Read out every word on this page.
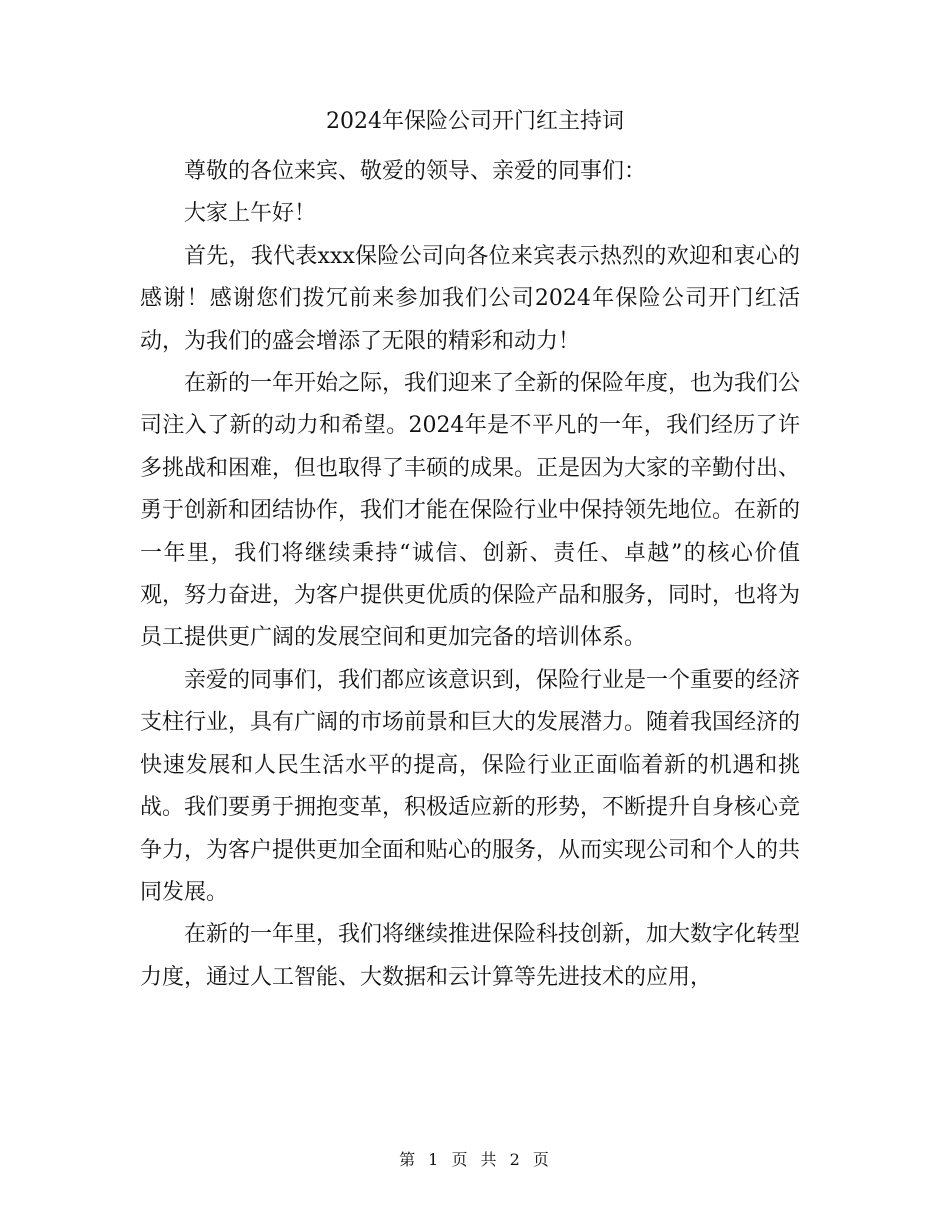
2024年保险公司开门红主持词

尊敬的各位来宾、敬爱的领导、亲爱的同事们：

大家上午好！

首先，我代表xxx保险公司向各位来宾表示热烈的欢迎和衷心的感谢！感谢您们拨冗前来参加我们公司2024年保险公司开门红活动，为我们的盛会增添了无限的精彩和动力！

在新的一年开始之际，我们迎来了全新的保险年度，也为我们公司注入了新的动力和希望。2024年是不平凡的一年，我们经历了许多挑战和困难，但也取得了丰硕的成果。正是因为大家的辛勤付出、勇于创新和团结协作，我们才能在保险行业中保持领先地位。在新的一年里，我们将继续秉持“诚信、创新、责任、卓越”的核心价值观，努力奋进，为客户提供更优质的保险产品和服务，同时，也将为员工提供更广阔的发展空间和更加完备的培训体系。

亲爱的同事们，我们都应该意识到，保险行业是一个重要的经济支柱行业，具有广阔的市场前景和巨大的发展潜力。随着我国经济的快速发展和人民生活水平的提高，保险行业正面临着新的机遇和挑战。我们要勇于拥抱变革，积极适应新的形势，不断提升自身核心竞争力，为客户提供更加全面和贴心的服务，从而实现公司和个人的共同发展。

在新的一年里，我们将继续推进保险科技创新，加大数字化转型力度，通过人工智能、大数据和云计算等先进技术的应用，

第 1 页 共 2 页
